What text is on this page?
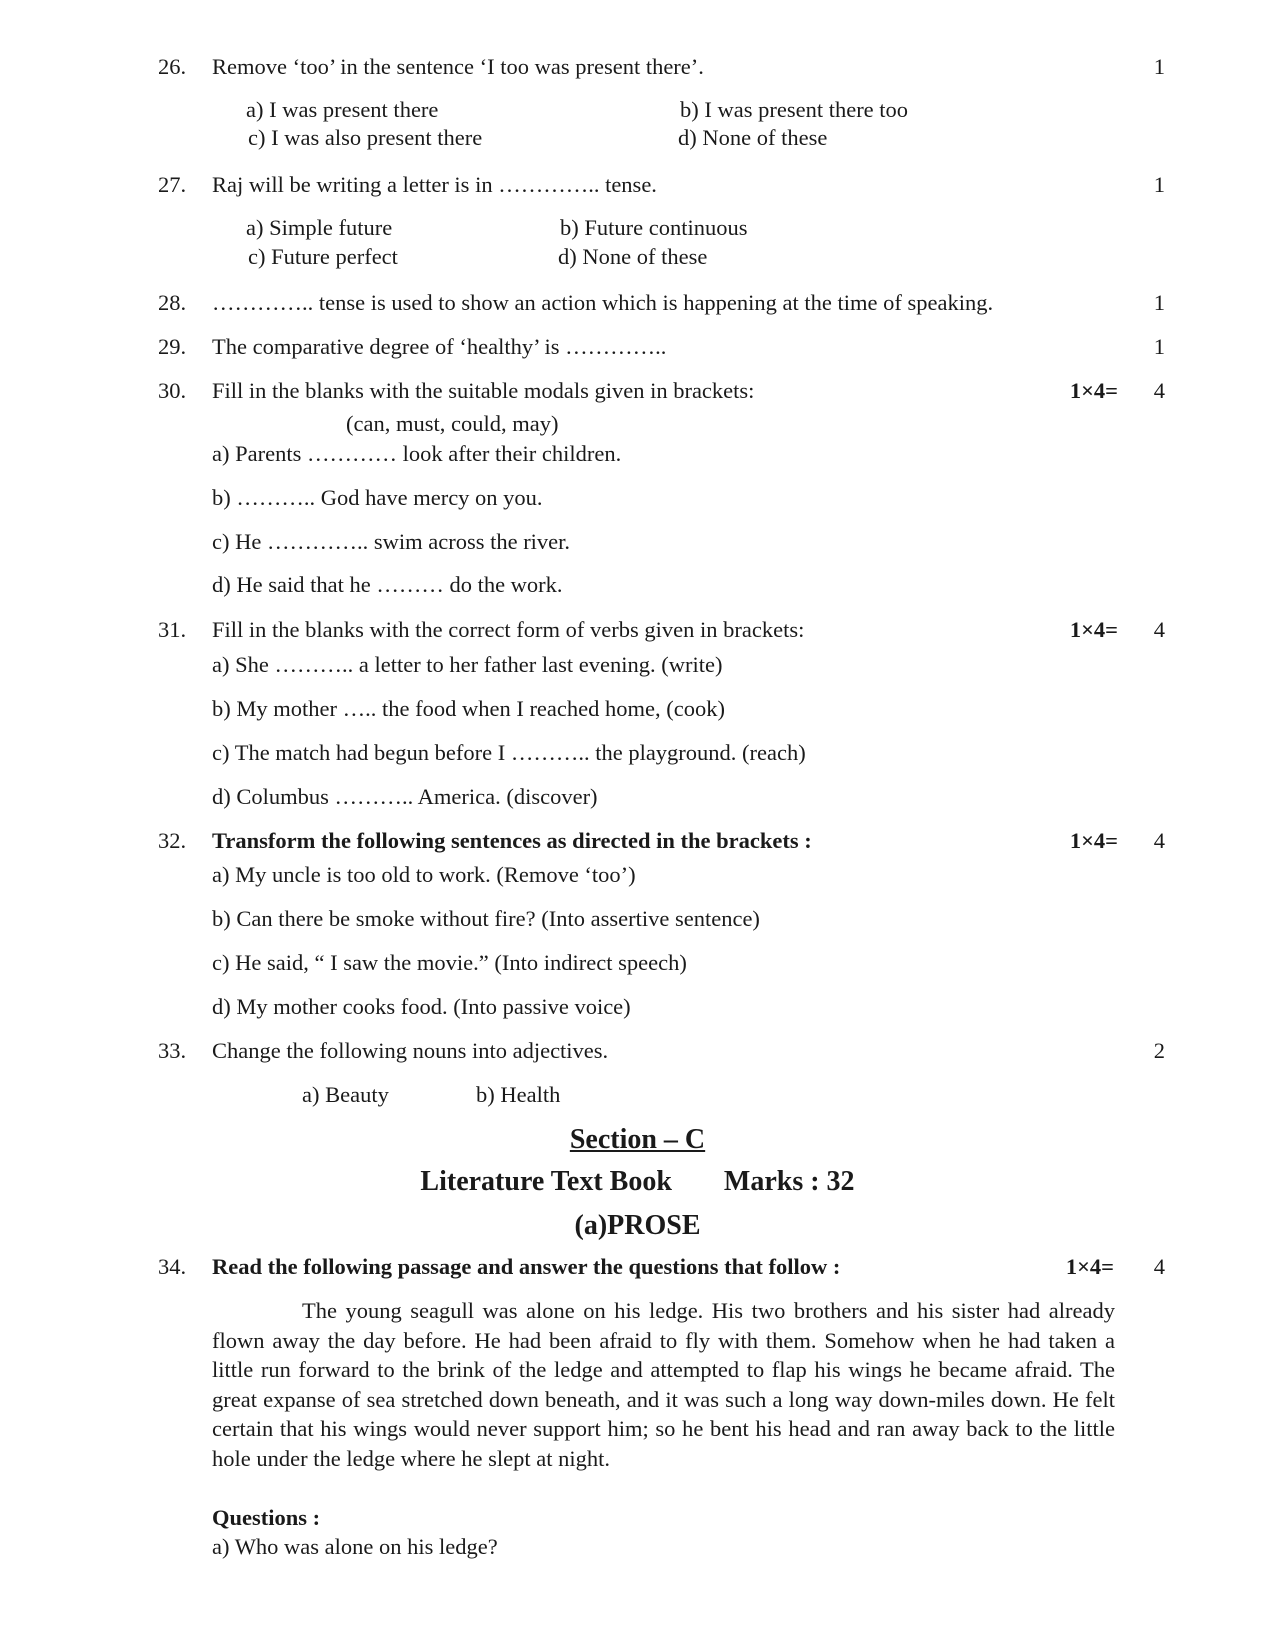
26. Remove ‘too’ in the sentence ‘I too was present there’.	1
a) I was present there	b) I was present there too
c) I was also present there	d) None of these
27. Raj will be writing a letter is in ………….. tense.	1
a) Simple future	b) Future continuous
c) Future perfect	d) None of these
28. ………….. tense is used to show an action which is happening at the time of speaking.	1
29. The comparative degree of ‘healthy’ is …………..	1
30. Fill in the blanks with the suitable modals given in brackets:	1×4=	4
(can, must, could, may)
a) Parents ………… look after their children.
b) ……….. God have mercy on you.
c) He ………….. swim across the river.
d) He said that he ……… do the work.
31. Fill in the blanks with the correct form of verbs given in brackets:	1×4=	4
a) She ……….. a letter to her father last evening. (write)
b) My mother ….. the food when I reached home, (cook)
c) The match had begun before I ……….. the playground. (reach)
d) Columbus ……….. America. (discover)
32. Transform the following sentences as directed in the brackets :	1×4=	4
a) My uncle is too old to work. (Remove ‘too’)
b) Can there be smoke without fire? (Into assertive sentence)
c) He said, “ I saw the movie.” (Into indirect speech)
d) My mother cooks food. (Into passive voice)
33. Change the following nouns into adjectives.	2
a) Beauty	b) Health
Section – C
Literature Text Book Marks : 32
(a)PROSE
34. Read the following passage and answer the questions that follow :	1×4=	4
The young seagull was alone on his ledge. His two brothers and his sister had already flown away the day before. He had been afraid to fly with them. Somehow when he had taken a little run forward to the brink of the ledge and attempted to flap his wings he became afraid. The great expanse of sea stretched down beneath, and it was such a long way down-miles down. He felt certain that his wings would never support him; so he bent his head and ran away back to the little hole under the ledge where he slept at night.
Questions :
a) Who was alone on his ledge?
